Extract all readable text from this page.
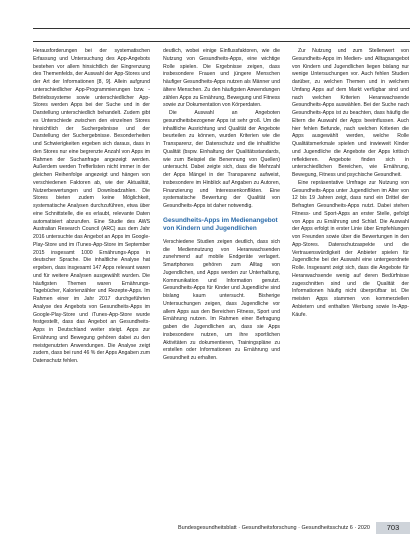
Herausforderungen bei der systematischen Erfassung und Untersuchung des App-Angebots bestehen vor allem hinsichtlich der Eingrenzung des Themenfelds, der Auswahl der App-Stores und der Art der Informationen [8, 9]. Allein aufgrund unterschiedlicher App-Programmierungen bzw. -Betriebssysteme sowie unterschiedlicher App-Stores werden Apps bei der Suche und in der Darstellung unterschiedlich behandelt. Zudem gibt es Unterschiede zwischen den einzelnen Stores hinsichtlich der Suchergebnisse und der Darstellung der Suchergebnisse. Besonderheiten und Schwierigkeiten ergeben sich daraus, dass in den Stores nur eine begrenzte Anzahl von Apps im Rahmen der Suchanfrage angezeigt werden. Außerdem werden Trefferlisten nicht immer in der gleichen Reihenfolge angezeigt und hängen von verschiedenen Faktoren ab, wie der Aktualität, Nutzerbewertungen und Downloadzahlen. Die Stores bieten zudem keine Möglichkeit, systematische Analysen durchzuführen, etwa über eine Schnittstelle, die es erlaubt, relevante Daten automatisiert abzurufen. Eine Studie des AWS Australian Research Council (ARC) aus dem Jahr 2016 untersuchte das Angebot an Apps im Google-Play-Store und im iTunes-App-Store im September 2015 insgesamt 1000 Ernährungs-Apps in deutscher Sprache. Die inhaltliche Analyse hat ergeben, dass insgesamt 147 Apps relevant waren und für weitere Analysen ausgewählt wurden. Die häufigsten Themen waren Ernährungs-Tagebücher, Kalorienzähler und Rezepte-Apps. Im Rahmen einer im Jahr 2017 durchgeführten Analyse des Angebots von Gesundheits-Apps im Google-Play-Store und iTunes-App-Store wurde festgestellt, dass das Angebot an Gesundheits-Apps in Deutschland weiter steigt. Apps zur Ernährung und Bewegung gehören dabei zu den meistgenutzten Anwendungen. Die Analyse zeigt zudem, dass bei rund 46 % der Apps Angaben zum Datenschutz fehlen.

deutlich, wobei einige Einflussfaktoren, wie die Nutzung von Gesundheits-Apps, eine wichtige Rolle spielen. Die Ergebnisse zeigen, dass insbesondere Frauen und jüngere Menschen häufiger Gesundheits-Apps nutzen als Männer und ältere Menschen. Zu den häufigsten Anwendungen zählen Apps zu Ernährung, Bewegung und Fitness sowie zur Dokumentation von Körperdaten.

Die Auswahl an Angeboten gesundheitsbezogener Apps ist sehr groß. Um die inhaltliche Ausrichtung und Qualität der Angebote beurteilen zu können, wurden Kriterien wie die Transparenz, der Datenschutz und die inhaltliche Qualität (bspw. Einhaltung der Qualitätsstandards, wie zum Beispiel die Benennung von Quellen) untersucht. Dabei zeigte sich, dass die Mehrzahl der Apps Mängel in der Transparenz aufweist, insbesondere im Hinblick auf Angaben zu Autoren, Finanzierung und Interessenkonflikten. Eine systematische Bewertung der Qualität von Gesundheits-Apps ist daher notwendig.

Gesundheits-Apps im Medienangebot von Kindern und Jugendlichen

Verschiedene Studien zeigen deutlich, dass sich die Mediennutzung von Heranwachsenden zunehmend auf mobile Endgeräte verlagert. Smartphones gehören zum Alltag von Jugendlichen, und Apps werden zur Unterhaltung, Kommunikation und Information genutzt. Gesundheits-Apps für Kinder und Jugendliche sind bislang kaum untersucht. Bisherige Untersuchungen zeigen, dass Jugendliche vor allem Apps aus den Bereichen Fitness, Sport und Ernährung nutzen. Im Rahmen einer Befragung gaben die Jugendlichen an, dass sie Apps insbesondere nutzen, um ihre sportlichen Aktivitäten zu dokumentieren, Trainingspläne zu erstellen oder Informationen zu Ernährung und Gesundheit zu erhalten.

Zur Nutzung und zum Stellenwert von Gesundheits-Apps im Medien- und Alltagsangebot von Kindern und Jugendlichen liegen bislang nur wenige Untersuchungen vor. Auch fehlen Studien darüber, zu welchen Themen und in welchem Umfang Apps auf dem Markt verfügbar sind und nach welchen Kriterien Heranwachsende Gesundheits-Apps auswählen. Bei der Suche nach Gesundheits-Apps ist zu beachten, dass häufig die Eltern die Auswahl der Apps beeinflussen. Auch hier fehlen Befunde, nach welchen Kriterien die Apps ausgewählt werden, welche Rolle Qualitätsmerkmale spielen und inwieweit Kinder und Jugendliche die Angebote der Apps kritisch reflektieren. Angebote finden sich in unterschiedlichen Bereichen, wie Ernährung, Bewegung, Fitness und psychische Gesundheit.

Eine repräsentative Umfrage zur Nutzung von Gesundheits-Apps unter Jugendlichen im Alter von 12 bis 19 Jahren zeigt, dass rund ein Drittel der Befragten Gesundheits-Apps nutzt. Dabei stehen Fitness- und Sport-Apps an erster Stelle, gefolgt von Apps zu Ernährung und Schlaf. Die Auswahl der Apps erfolgt in erster Linie über Empfehlungen von Freunden sowie über die Bewertungen in den App-Stores. Datenschutzaspekte und die Vertrauenswürdigkeit der Anbieter spielen für Jugendliche bei der Auswahl eine untergeordnete Rolle. Insgesamt zeigt sich, dass die Angebote für Heranwachsende wenig auf deren Bedürfnisse zugeschnitten sind und die Qualität der Informationen häufig nicht überprüfbar ist. Die meisten Apps stammen von kommerziellen Anbietern und enthalten Werbung sowie In-App-Käufe.

Bundesgesundheitsblatt · Gesundheitsforschung · Gesundheitsschutz 6 · 2020	703
